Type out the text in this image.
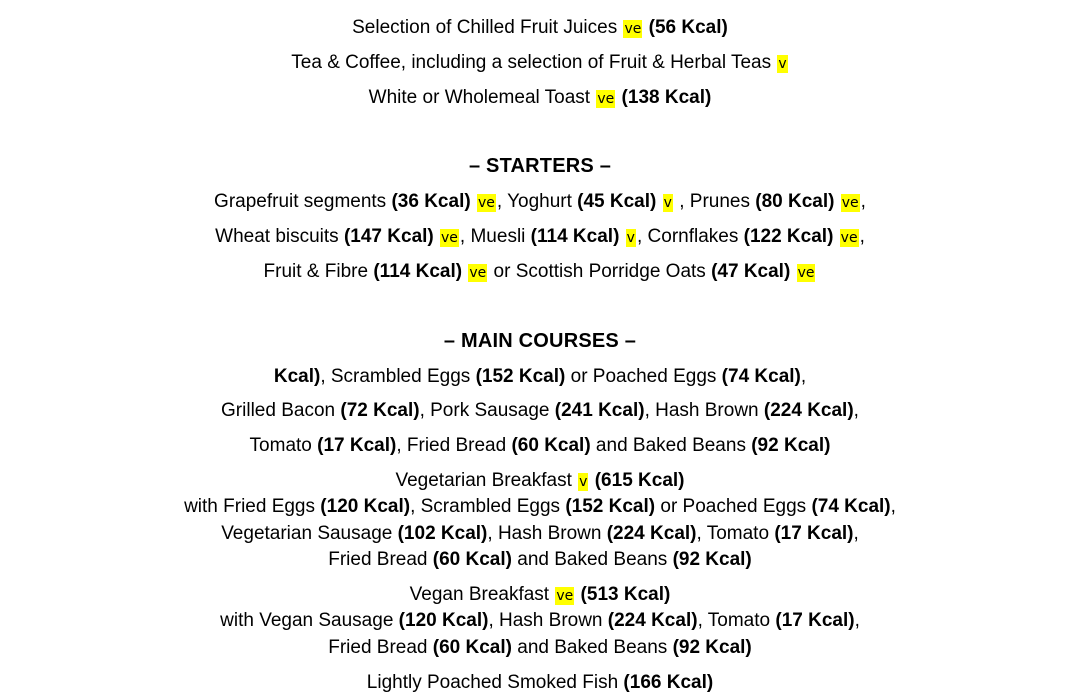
Selection of Chilled Fruit Juices ve (56 Kcal)
Tea & Coffee, including a selection of Fruit & Herbal Teas v
White or Wholemeal Toast ve (138 Kcal)
– STARTERS –
Grapefruit segments (36 Kcal) ve , Yoghurt (45 Kcal) v , Prunes (80 Kcal) ve ,
Wheat biscuits (147 Kcal) ve , Muesli (114 Kcal) v , Cornflakes (122 Kcal) ve ,
Fruit & Fibre (114 Kcal) ve or Scottish Porridge Oats (47 Kcal) ve
– MAIN COURSES –
Kcal), Scrambled Eggs (152 Kcal) or Poached Eggs (74 Kcal),
Grilled Bacon (72 Kcal), Pork Sausage (241 Kcal), Hash Brown (224 Kcal),
Tomato (17 Kcal), Fried Bread (60 Kcal) and Baked Beans (92 Kcal)
Vegetarian Breakfast v (615 Kcal)
with Fried Eggs (120 Kcal), Scrambled Eggs (152 Kcal) or Poached Eggs (74 Kcal),
Vegetarian Sausage (102 Kcal), Hash Brown (224 Kcal), Tomato (17 Kcal),
Fried Bread (60 Kcal) and Baked Beans (92 Kcal)
Vegan Breakfast ve (513 Kcal)
with Vegan Sausage (120 Kcal), Hash Brown (224 Kcal), Tomato (17 Kcal),
Fried Bread (60 Kcal) and Baked Beans (92 Kcal)
Lightly Poached Smoked Fish (166 Kcal)
